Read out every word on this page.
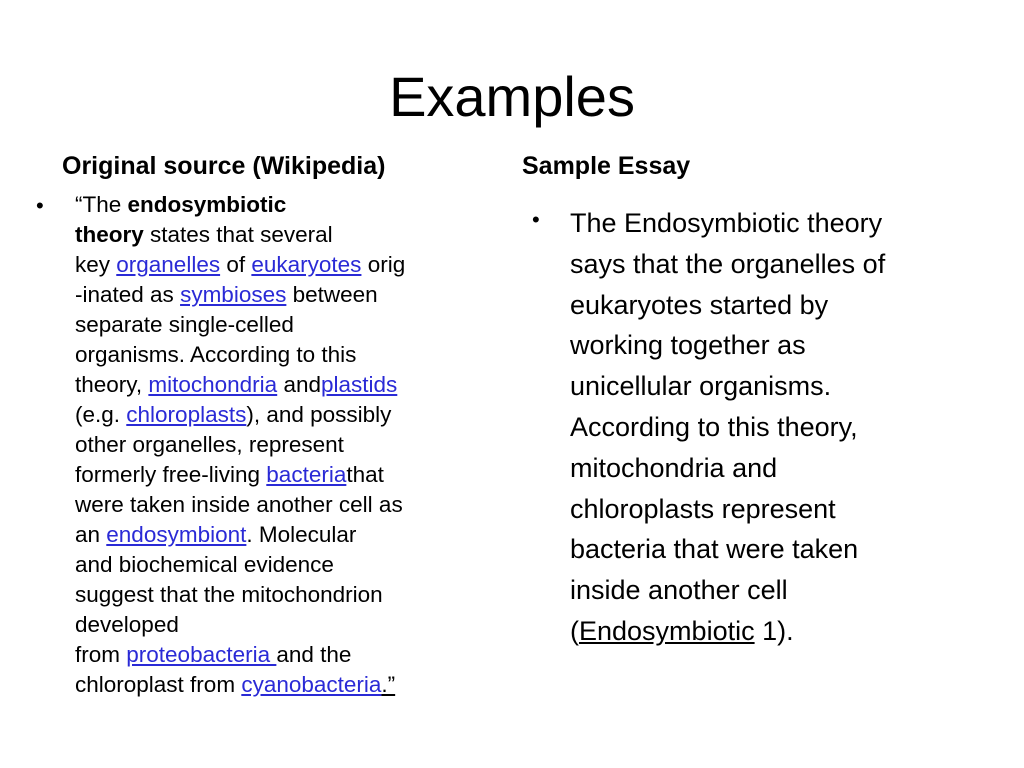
Examples
Original source (Wikipedia)	Sample Essay
•
•
“The endosymbiotic
theory states that several
key organelles of eukaryotes orig
-inated as symbioses between
separate single-celled
organisms. According to this
theory, mitochondria andplastids
(e.g. chloroplasts), and possibly
other organelles, represent
formerly free-living bacteriathat
were taken inside another cell as
an endosymbiont. Molecular
and biochemical evidence
suggest that the mitochondrion
developed
from proteobacteria and the
chloroplast from cyanobacteria.”
The Endosymbiotic theory
says that the organelles of
eukaryotes started by
working together as
unicellular organisms.
According to this theory,
mitochondria and
chloroplasts represent
bacteria that were taken
inside another cell
(Endosymbiotic 1).
